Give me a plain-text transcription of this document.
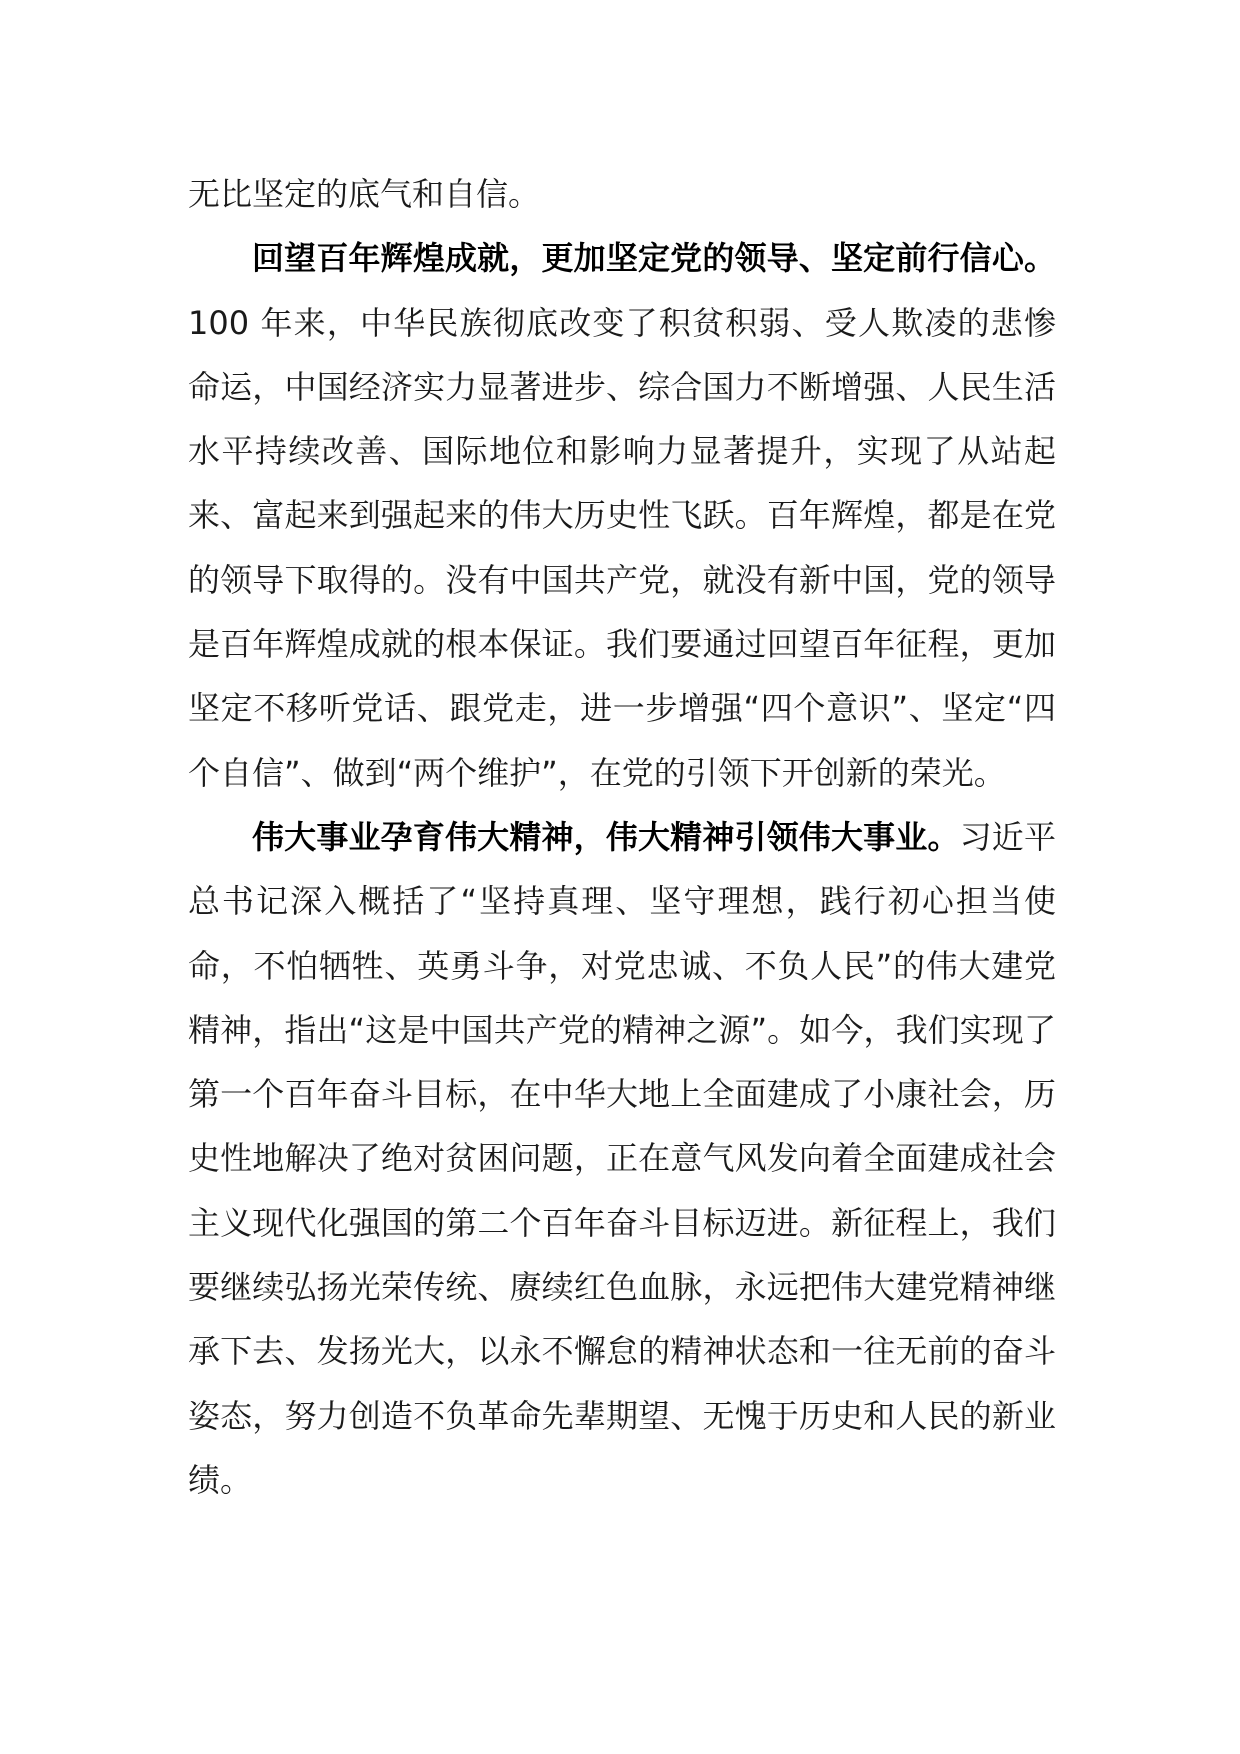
无比坚定的底气和自信。

回望百年辉煌成就，更加坚定党的领导、坚定前行信心。100 年来，中华民族彻底改变了积贫积弱、受人欺凌的悲惨命运，中国经济实力显著进步、综合国力不断增强、人民生活水平持续改善、国际地位和影响力显著提升，实现了从站起来、富起来到强起来的伟大历史性飞跃。百年辉煌，都是在党的领导下取得的。没有中国共产党，就没有新中国，党的领导是百年辉煌成就的根本保证。我们要通过回望百年征程，更加坚定不移听党话、跟党走，进一步增强“四个意识”、坚定“四个自信”、做到“两个维护”，在党的引领下开创新的荣光。

伟大事业孕育伟大精神，伟大精神引领伟大事业。习近平总书记深入概括了“坚持真理、坚守理想，践行初心担当使命，不怕牺牲、英勇斗争，对党忠诚、不负人民”的伟大建党精神，指出“这是中国共产党的精神之源”。如今，我们实现了第一个百年奋斗目标，在中华大地上全面建成了小康社会，历史性地解决了绝对贫困问题，正在意气风发向着全面建成社会主义现代化强国的第二个百年奋斗目标迈进。新征程上，我们要继续弘扬光荣传统、赓续红色血脉，永远把伟大建党精神继承下去、发扬光大，以永不懈怠的精神状态和一往无前的奋斗姿态，努力创造不负革命先辈期望、无愧于历史和人民的新业绩。
